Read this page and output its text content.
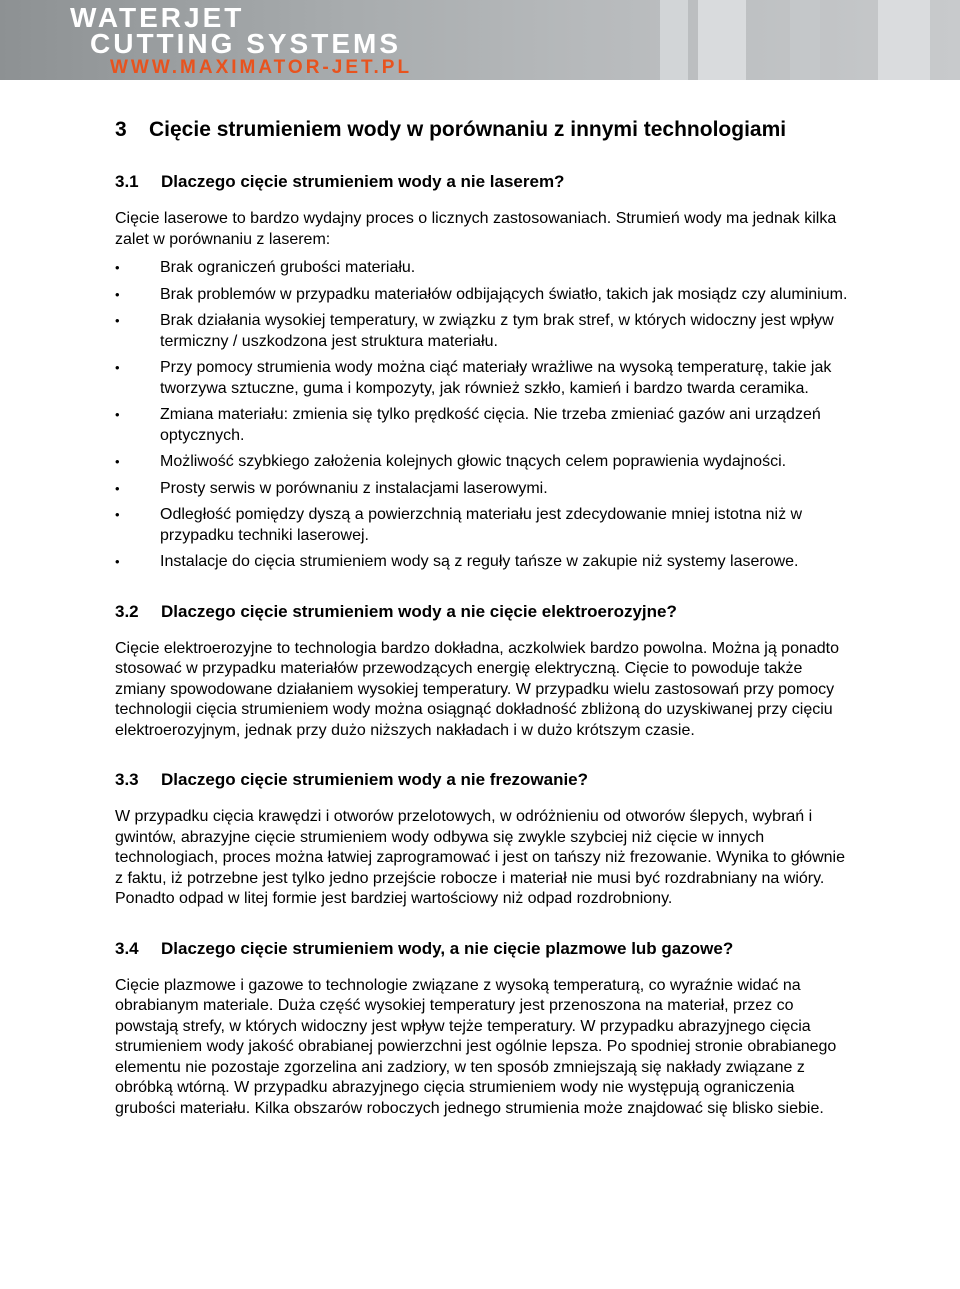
WATERJET
CUTTING SYSTEMS
WWW.MAXIMATOR-JET.PL
3 Cięcie strumieniem wody w porównaniu z innymi technologiami
3.1 Dlaczego cięcie strumieniem wody a nie laserem?

Cięcie laserowe to bardzo wydajny proces o licznych zastosowaniach. Strumień wody ma jednak kilka zalet w porównaniu z laserem:

•	Brak ograniczeń grubości materiału.
•	Brak problemów w przypadku materiałów odbijających światło, takich jak mosiądz czy aluminium.
•	Brak działania wysokiej temperatury, w związku z tym brak stref, w których widoczny jest wpływ termiczny / uszkodzona jest struktura materiału.
•	Przy pomocy strumienia wody można ciąć materiały wrażliwe na wysoką temperaturę, takie jak tworzywa sztuczne, guma i kompozyty, jak również szkło, kamień i bardzo twarda ceramika.
•	Zmiana materiału: zmienia się tylko prędkość cięcia. Nie trzeba zmieniać gazów ani urządzeń optycznych.
•	Możliwość szybkiego założenia kolejnych głowic tnących celem poprawienia wydajności.
•	Prosty serwis w porównaniu z instalacjami laserowymi.
•	Odległość pomiędzy dyszą a powierzchnią materiału jest zdecydowanie mniej istotna niż w przypadku techniki laserowej.
•	Instalacje do cięcia strumieniem wody są z reguły tańsze w zakupie niż systemy laserowe.
3.2 Dlaczego cięcie strumieniem wody a nie cięcie elektroerozyjne?

Cięcie elektroerozyjne to technologia bardzo dokładna, aczkolwiek bardzo powolna. Można ją ponadto stosować w przypadku materiałów przewodzących energię elektryczną. Cięcie to powoduje także zmiany spowodowane działaniem wysokiej temperatury. W przypadku wielu zastosowań przy pomocy technologii cięcia strumieniem wody można osiągnąć dokładność zbliżoną do uzyskiwanej przy cięciu elektroerozyjnym, jednak przy dużo niższych nakładach i w dużo krótszym czasie.

3.3 Dlaczego cięcie strumieniem wody a nie frezowanie?

W przypadku cięcia krawędzi i otworów przelotowych, w odróżnieniu od otworów ślepych, wybrań i gwintów, abrazyjne cięcie strumieniem wody odbywa się zwykle szybciej niż cięcie w innych technologiach, proces można łatwiej zaprogramować i jest on tańszy niż frezowanie. Wynika to głównie z faktu, iż potrzebne jest tylko jedno przejście robocze i materiał nie musi być rozdrabniany na wióry. Ponadto odpad w litej formie jest bardziej wartościowy niż odpad rozdrobniony.

3.4 Dlaczego cięcie strumieniem wody, a nie cięcie plazmowe lub gazowe?

Cięcie plazmowe i gazowe to technologie związane z wysoką temperaturą, co wyraźnie widać na obrabianym materiale. Duża część wysokiej temperatury jest przenoszona na materiał, przez co powstają strefy, w których widoczny jest wpływ tejże temperatury. W przypadku abrazyjnego cięcia strumieniem wody jakość obrabianej powierzchni jest ogólnie lepsza. Po spodniej stronie obrabianego elementu nie pozostaje zgorzelina ani zadziory, w ten sposób zmniejszają się nakłady związane z obróbką wtórną. W przypadku abrazyjnego cięcia strumieniem wody nie występują ograniczenia grubości materiału. Kilka obszarów roboczych jednego strumienia może znajdować się blisko siebie.
